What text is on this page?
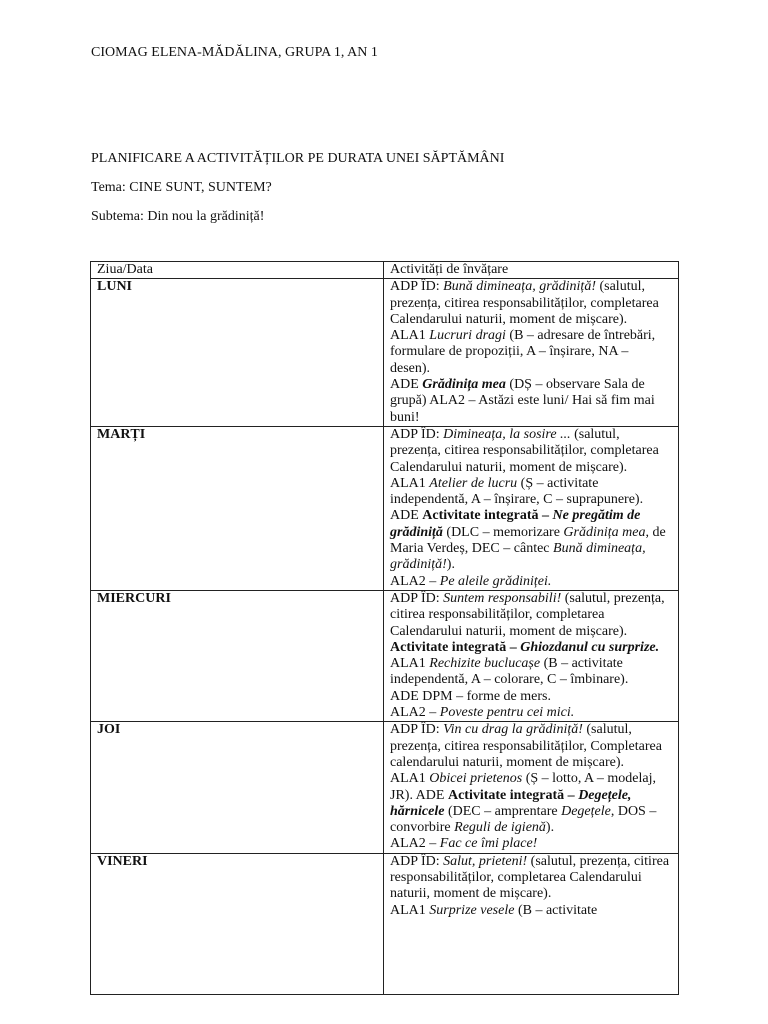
CIOMAG ELENA-MĂDĂLINA, GRUPA 1, AN 1
PLANIFICARE A ACTIVITĂȚILOR PE DURATA UNEI SĂPTĂMÂNI
Tema: CINE SUNT, SUNTEM?
Subtema: Din nou la grădiniță!
Ziua/Data	Activități de învățare
LUNI	ADP ÎD: Bună dimineața, grădiniță! (salutul, prezența, citirea responsabilităților, completarea Calendarului naturii, moment de mișcare).
ALA1 Lucruri dragi (B – adresare de întrebări, formulare de propoziții, A – înșirare, NA – desen).
ADE Grădinița mea (DȘ – observare Sala de grupă) ALA2 – Astăzi este luni/ Hai să fim mai buni!

MARȚI	ADP ÎD: Dimineața, la sosire ... (salutul, prezența, citirea responsabilităților, completarea Calendarului naturii, moment de mișcare).
ALA1 Atelier de lucru (Ș – activitate independentă, A – înșirare, C – suprapunere).
ADE Activitate integrată – Ne pregătim de grădiniță (DLC – memorizare Grădinița mea, de Maria Verdeș, DEC – cântec Bună dimineața, grădiniță!).
ALA2 – Pe aleile grădiniței.

MIERCURI	ADP ÎD: Suntem responsabili! (salutul, prezența, citirea responsabilităților, completarea Calendarului naturii, moment de mișcare).
Activitate integrată – Ghiozdanul cu surprize.
ALA1 Rechizite buclucașe (B – activitate independentă, A – colorare, C – îmbinare).
ADE DPM – forme de mers.
ALA2 – Poveste pentru cei mici.

JOI	ADP ÎD: Vin cu drag la grădiniță! (salutul, prezența, citirea responsabilităților, Completarea calendarului naturii, moment de mișcare).
ALA1 Obicei prietenos (Ș – lotto, A – modelaj, JR). ADE Activitate integrată – Degețele, hărnicele (DEC – amprentare Degețele, DOS – convorbire Reguli de igienă).
ALA2 – Fac ce îmi place!

VINERI	ADP ÎD: Salut, prieteni! (salutul, prezența, citirea responsabilităților, completarea Calendarului naturii, moment de mișcare).
ALA1 Surprize vesele (B – activitate
